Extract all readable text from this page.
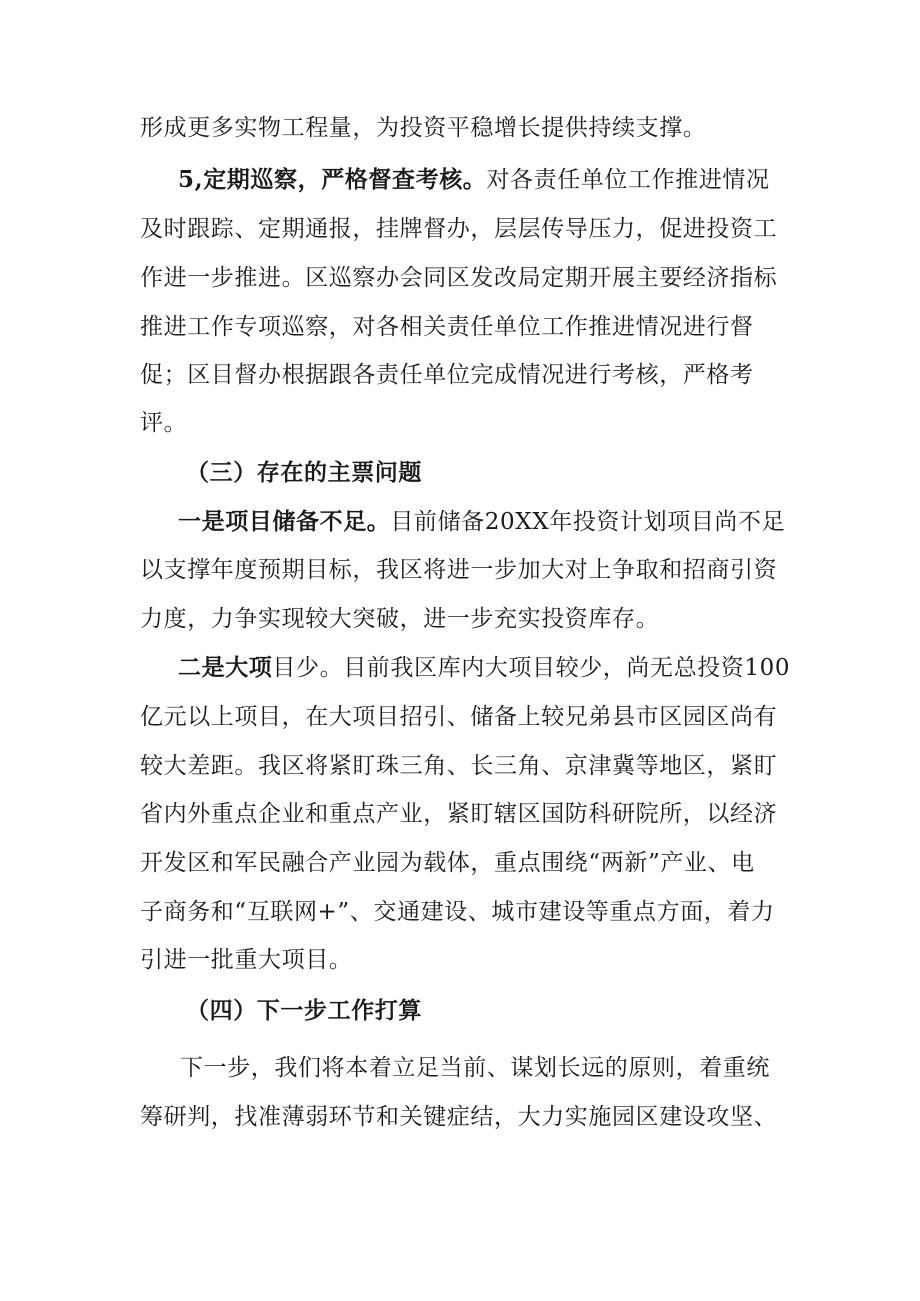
形成更多实物工程量，为投资平稳增长提供持续支撑。
5,定期巡察，严格督查考核。对各责任单位工作推进情况
及时跟踪、定期通报，挂牌督办，层层传导压力，促进投资工
作进一步推进。区巡察办会同区发改局定期开展主要经济指标
推进工作专项巡察，对各相关责任单位工作推进情况进行督
促；区目督办根据跟各责任单位完成情况进行考核，严格考
评。
（三）存在的主票问题
一是项目储备不足。目前储备20XX年投资计划项目尚不足
以支撑年度预期目标，我区将进一步加大对上争取和招商引资
力度，力争实现较大突破，进一步充实投资库存。
二是大项目少。目前我区库内大项目较少，尚无总投资100
亿元以上项目，在大项目招引、储备上较兄弟县市区园区尚有
较大差距。我区将紧盯珠三角、长三角、京津冀等地区，紧盯
省内外重点企业和重点产业，紧盯辖区国防科研院所，以经济
开发区和军民融合产业园为载体，重点围绕“两新”产业、电
子商务和“互联网+”、交通建设、城市建设等重点方面，着力
引进一批重大项目。
（四）下一步工作打算
下一步，我们将本着立足当前、谋划长远的原则，着重统
筹研判，找准薄弱环节和关键症结，大力实施园区建设攻坚、
